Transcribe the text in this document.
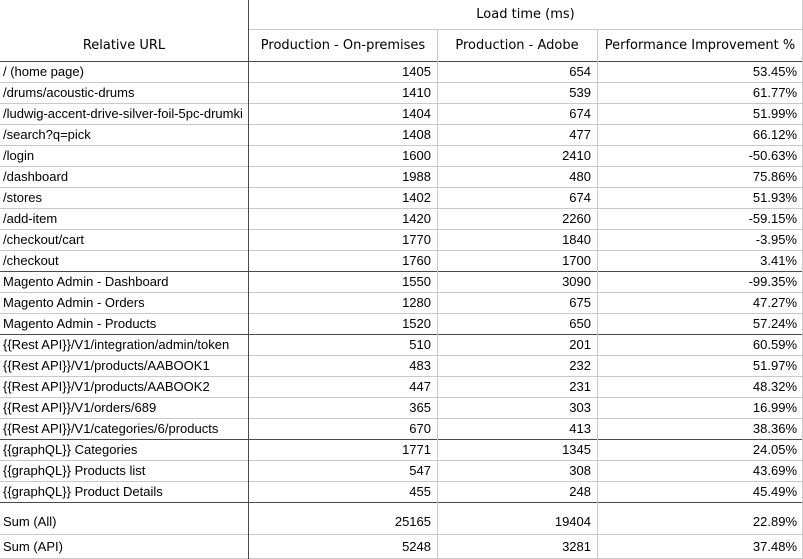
Load time (ms)
Relative URL	Production - On-premises	Production - Adobe	Performance Improvement %
/ (home page)	1405	654	53.45%
/drums/acoustic-drums	1410	539	61.77%
/ludwig-accent-drive-silver-foil-5pc-drumki	1404	674	51.99%
/search?q=pick	1408	477	66.12%
/login	1600	2410	-50.63%
/dashboard	1988	480	75.86%
/stores	1402	674	51.93%
/add-item	1420	2260	-59.15%
/checkout/cart	1770	1840	-3.95%
/checkout	1760	1700	3.41%
Magento Admin - Dashboard	1550	3090	-99.35%
Magento Admin - Orders	1280	675	47.27%
Magento Admin - Products	1520	650	57.24%
{{Rest API}}/V1/integration/admin/token	510	201	60.59%
{{Rest API}}/V1/products/AABOOK1	483	232	51.97%
{{Rest API}}/V1/products/AABOOK2	447	231	48.32%
{{Rest API}}/V1/orders/689	365	303	16.99%
{{Rest API}}/V1/categories/6/products	670	413	38.36%
{{graphQL}} Categories	1771	1345	24.05%
{{graphQL}} Products list	547	308	43.69%
{{graphQL}} Product Details	455	248	45.49%
Sum (All)	25165	19404	22.89%
Sum (API)	5248	3281	37.48%
